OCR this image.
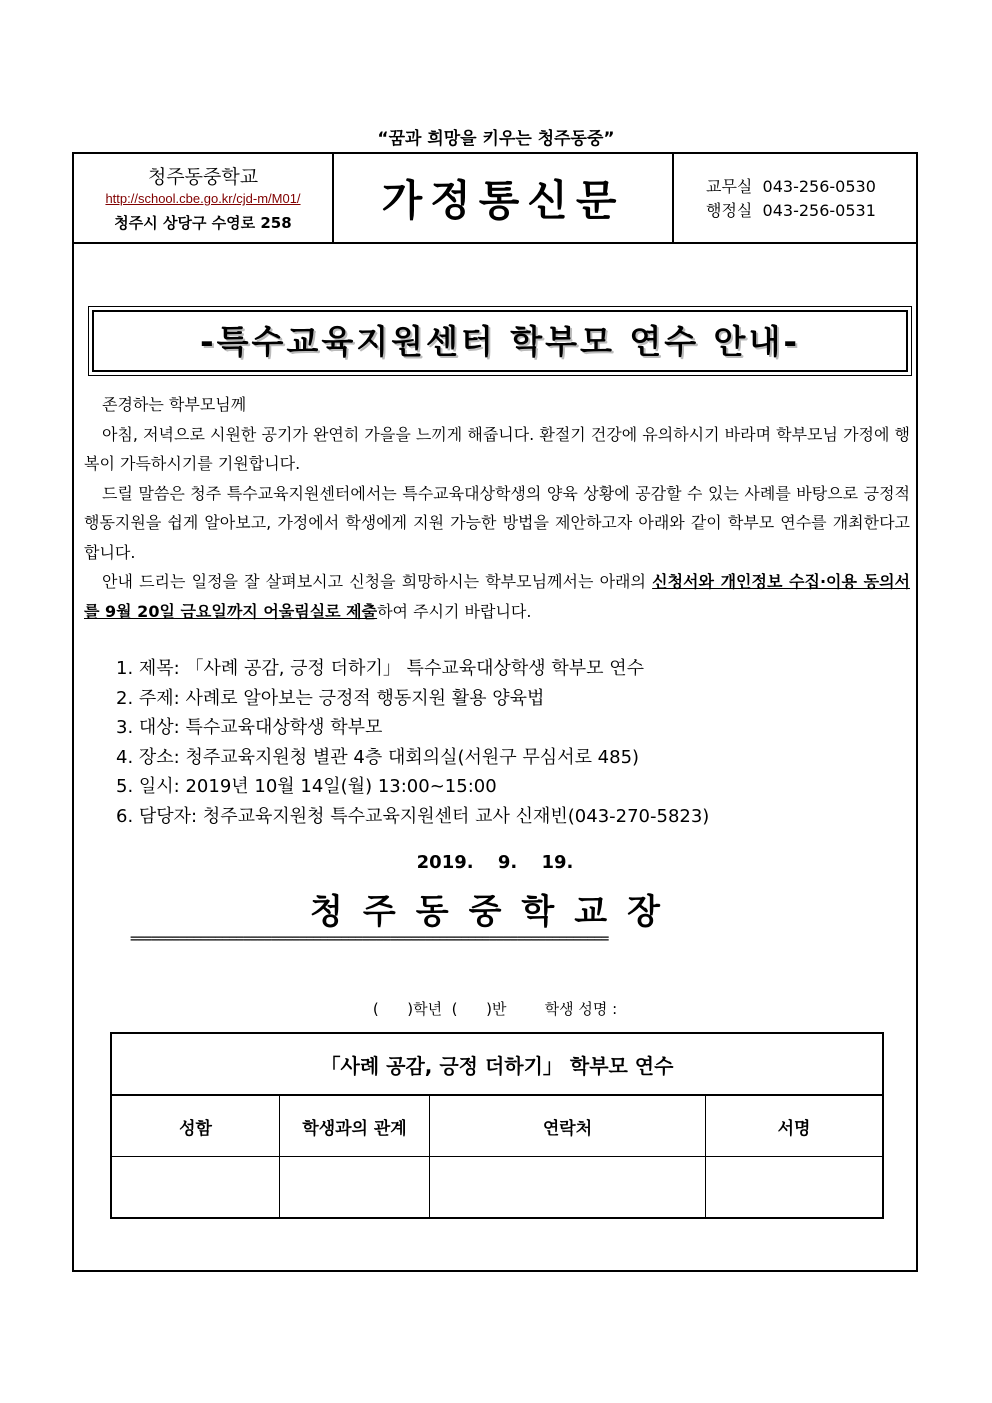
“꿈과 희망을 키우는 청주동중”
청주동중학교
http://school.cbe.go.kr/cjd-m/M01/
청주시 상당구 수영로 258	가정통신문	교무실 043-256-0530
행정실 043-256-0531
-특수교육지원센터 학부모 연수 안내-

존경하는 학부모님께

아침, 저녁으로 시원한 공기가 완연히 가을을 느끼게 해줍니다. 환절기 건강에 유의하시기 바라며 학부모님 가정에 행복이 가득하시기를 기원합니다.

드릴 말씀은 청주 특수교육지원센터에서는 특수교육대상학생의 양육 상황에 공감할 수 있는 사례를 바탕으로 긍정적 행동지원을 쉽게 알아보고, 가정에서 학생에게 지원 가능한 방법을 제안하고자 아래와 같이 학부모 연수를 개최한다고 합니다.

안내 드리는 일정을 잘 살펴보시고 신청을 희망하시는 학부모님께서는 아래의 신청서와 개인정보 수집·이용 동의서를 9월 20일 금요일까지 어울림실로 제출하여 주시기 바랍니다.

1. 제목: 「사례 공감, 긍정 더하기」 특수교육대상학생 학부모 연수
2. 주제: 사례로 알아보는 긍정적 행동지원 활용 양육법
3. 대상: 특수교육대상학생 학부모
4. 장소: 청주교육지원청 별관 4층 대회의실(서원구 무심서로 485)
5. 일시: 2019년 10월 14일(월) 13:00~15:00
6. 담당자: 청주교육지원청 특수교육지원센터 교사 신재빈(043-270-5823)
2019. 9. 19.
청주동중학교장
====================================================================
(      )학년  (      )반        학생 성명 :
「사례 공감, 긍정 더하기」 학부모 연수			
성함	학생과의 관계	연락처	서명
